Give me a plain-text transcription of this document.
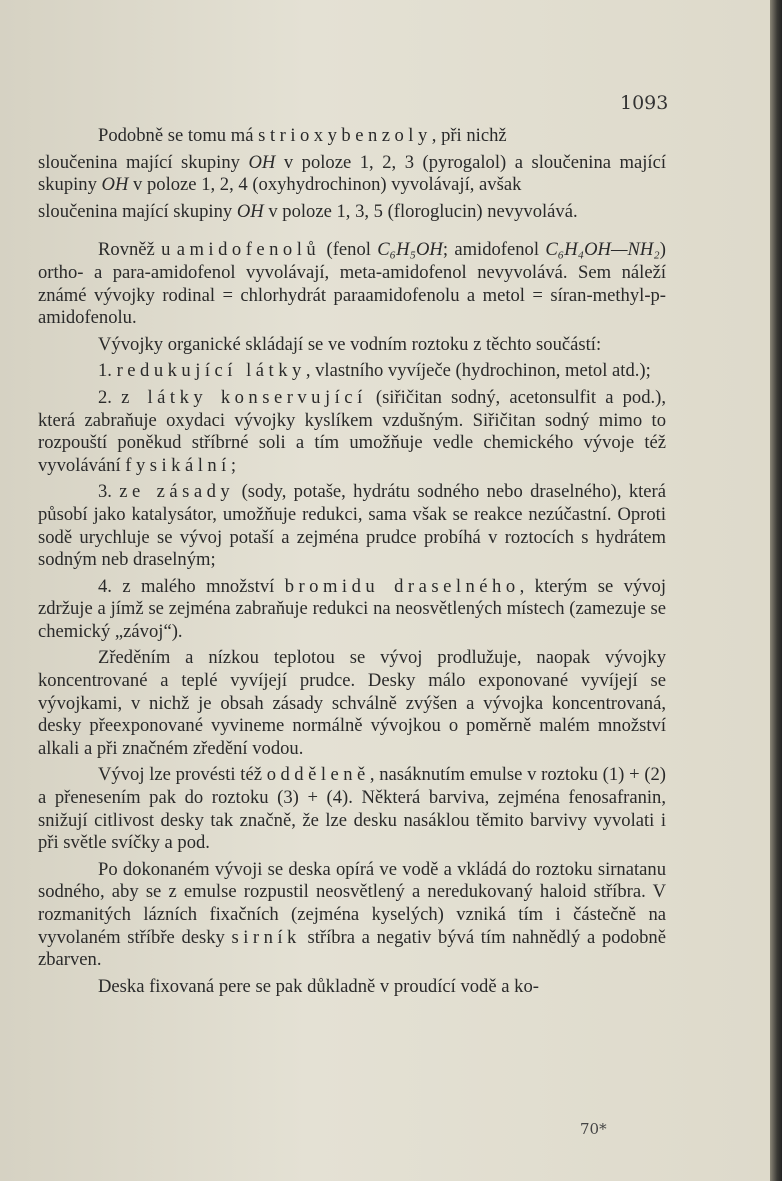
1093

Podobně se tomu má s trioxybenzoly, při nichž

sloučenina mající skupiny OH v poloze 1, 2, 3 (pyrogalol) a sloučenina mající skupiny OH v poloze 1, 2, 4 (oxyhydrochinon) vyvolávají, avšak

sloučenina mající skupiny OH v poloze 1, 3, 5 (floroglucin) nevyvolává.

Rovněž u amidofenolů (fenol C₆H₅OH; amidofenol C₆H₄OH—NH₂) ortho- a para-amidofenol vyvolávají, meta-amidofenol nevyvolává. Sem náleží známé vývojky rodinal = chlorhydrát paraamidofenolu a metol = síran-methyl-p-amidofenolu.

Vývojky organické skládají se ve vodním roztoku z těchto součástí:

1. redukující látky, vlastního vyvíječe (hydrochinon, metol atd.);

2. z látky konservující (siřičitan sodný, acetonsulfit a pod.), která zabraňuje oxydaci vývojky kyslíkem vzdušným. Siřičitan sodný mimo to rozpouští poněkud stříbrné soli a tím umožňuje vedle chemického vývoje též vyvolávání fysikální;

3. ze zásady (sody, potaše, hydrátu sodného nebo draselného), která působí jako katalysátor, umožňuje redukci, sama však se reakce nezúčastní. Oproti sodě urychluje se vývoj potaší a zejména prudce probíhá v roztocích s hydrátem sodným neb draselným;

4. z malého množství bromidu draselného, kterým se vývoj zdržuje a jímž se zejména zabraňuje redukci na neosvětlených místech (zamezuje se chemický „závoj“).

Zředěním a nízkou teplotou se vývoj prodlužuje, naopak vývojky koncentrované a teplé vyvíjejí prudce. Desky málo exponované vyvíjejí se vývojkami, v nichž je obsah zásady schválně zvýšen a vývojka koncentrovaná, desky přeexponované vyvineme normálně vývojkou o poměrně malém množství alkali a při značném zředění vodou.

Vývoj lze provésti též odděleně, nasáknutím emulse v roztoku (1) + (2) a přenesením pak do roztoku (3) + (4). Některá barviva, zejména fenosafranin, snižují citlivost desky tak značně, že lze desku nasáklou těmito barvivy vyvolati i při světle svíčky a pod.

Po dokonaném vývoji se deska opírá ve vodě a vkládá do roztoku sirnatanu sodného, aby se z emulse rozpustil neosvětlený a neredukovaný haloid stříbra. V rozmanitých lázních fixačních (zejména kyselých) vzniká tím i částečně na vyvolaném stříbře desky sirník stříbra a negativ bývá tím nahnědlý a podobně zbarven.

Deska fixovaná pere se pak důkladně v proudící vodě a ko-

70*
